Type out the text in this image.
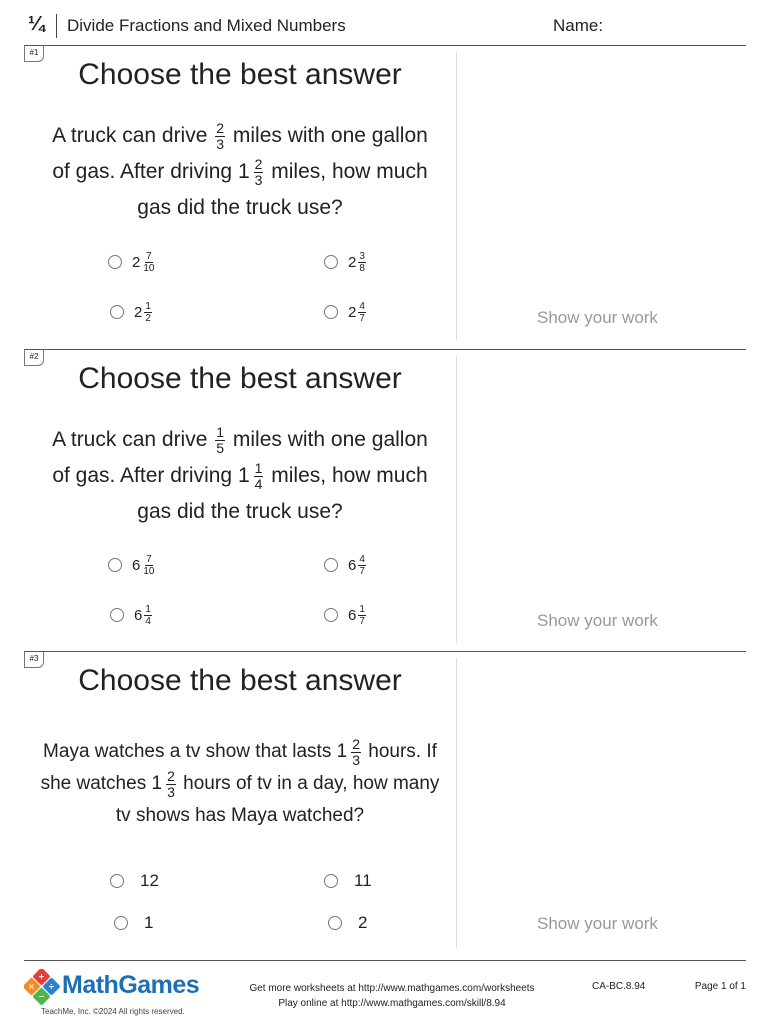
¼ Divide Fractions and Mixed Numbers	Name:
#1
Choose the best answer
A truck can drive $\frac{2}{3}$ miles with one gallon of gas. After driving $1 \frac{2}{3}$ miles, how much gas did the truck use?
$2 \frac{7}{10}$	$2 \frac{3}{8}$
$2 \frac{1}{2}$	$2 \frac{4}{7}$	Show your work
#2
Choose the best answer
A truck can drive $\frac{1}{5}$ miles with one gallon of gas. After driving $1 \frac{1}{4}$ miles, how much gas did the truck use?
$6 \frac{7}{10}$	$6 \frac{4}{7}$
$6 \frac{1}{4}$	$6 \frac{1}{7}$	Show your work
#3
Choose the best answer
Maya watches a tv show that lasts $1 \frac{2}{3}$ hours. If she watches $1 \frac{2}{3}$ hours of tv in a day, how many tv shows has Maya watched?
12	11
1	2	Show your work
+
× ÷
− MathGames
TeachMe, Inc. ©2024 All rights reserved.
Get more worksheets at http://www.mathgames.com/worksheets
Play online at http://www.mathgames.com/skill/8.94
CA-BC.8.94	Page 1 of 1
